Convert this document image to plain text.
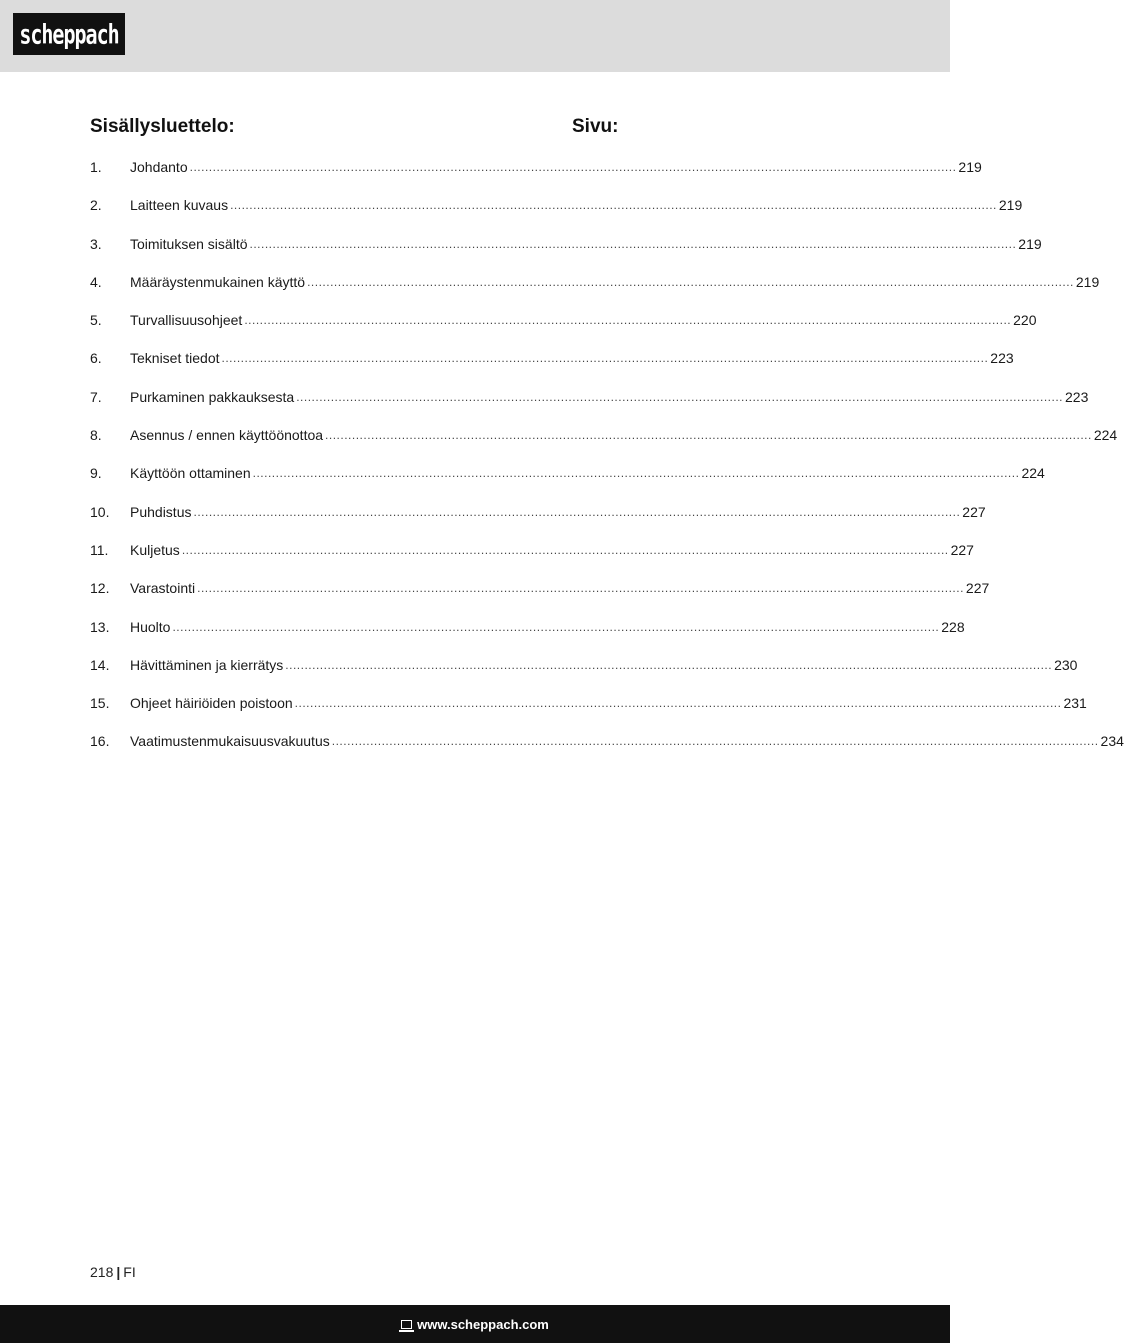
scheppach
Sisällysluettelo:	Sivu:
1.	Johdanto ........................................................................................................................................................................................................ 219
2.	Laitteen kuvaus ........................................................................................................................................................................................................ 219
3.	Toimituksen sisältö ........................................................................................................................................................................................................ 219
4.	Määräystenmukainen käyttö ........................................................................................................................................................................................................ 219
5.	Turvallisuusohjeet ........................................................................................................................................................................................................ 220
6.	Tekniset tiedot ........................................................................................................................................................................................................ 223
7.	Purkaminen pakkauksesta ........................................................................................................................................................................................................ 223
8.	Asennus / ennen käyttöönottoa ........................................................................................................................................................................................................ 224
9.	Käyttöön ottaminen ........................................................................................................................................................................................................ 224
10.	Puhdistus ........................................................................................................................................................................................................ 227
11.	Kuljetus ........................................................................................................................................................................................................ 227
12.	Varastointi ........................................................................................................................................................................................................ 227
13.	Huolto ........................................................................................................................................................................................................ 228
14.	Hävittäminen ja kierrätys ........................................................................................................................................................................................................ 230
15.	Ohjeet häiriöiden poistoon ........................................................................................................................................................................................................ 231
16.	Vaatimustenmukaisuusvakuutus ........................................................................................................................................................................................................ 234
218 | FI
www.scheppach.com
